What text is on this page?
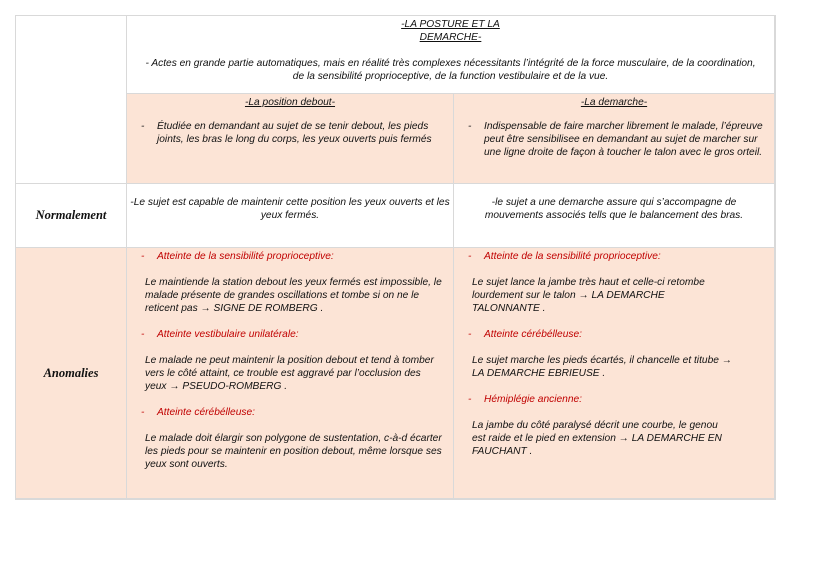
-LA POSTURE ET LA

DEMARCHE-

- Actes en grande partie automatiques, mais en réalité très complexes nécessitants l’intégrité de la force musculaire, de la coordination, de la sensibilité proprioceptive, de la function vestibulaire et de la vue.

-La position debout-

- Étudiée en demandant au sujet de se tenir debout, les pieds joints, les bras le long du corps, les yeux ouverts puis fermés

-La demarche-

- Indispensable de faire marcher librement le malade, l’épreuve peut être sensibilisee en demandant au sujet de marcher sur une ligne droite de façon à toucher le talon avec le gros orteil.
Normalement

-Le sujet est capable de maintenir cette position les yeux ouverts et les yeux fermés.

-le sujet a une demarche assure qui s’accompagne de mouvements associés tells que le balancement des bras.

Anomalies
- Atteinte de la sensibilité proprioceptive:

Le maintiende la station debout les yeux fermés est impossible, le malade présente de grandes oscillations et tombe si on ne le reticent pas → SIGNE DE ROMBERG .

- Atteinte vestibulaire unilatérale:

Le malade ne peut maintenir la position debout et tend à tomber vers le côté attaint, ce trouble est aggravé par l’occlusion des yeux → PSEUDO-ROMBERG .

- Atteinte cérébélleuse:

Le malade doit élargir son polygone de sustentation, c-à-d écarter les pieds pour se maintenir en position debout, même lorsque ses yeux sont ouverts.

- Atteinte de la sensibilité proprioceptive:

Le sujet lance la jambe très haut et celle-ci retombe lourdement sur le talon → LA DEMARCHE TALONNANTE .

- Atteinte cérébélleuse:

Le sujet marche les pieds écartés, il chancelle et titube → LA DEMARCHE EBRIEUSE .

- Hémiplégie ancienne:

La jambe du côté paralysé décrit une courbe, le genou est raide et le pied en extension → LA DEMARCHE EN FAUCHANT .
